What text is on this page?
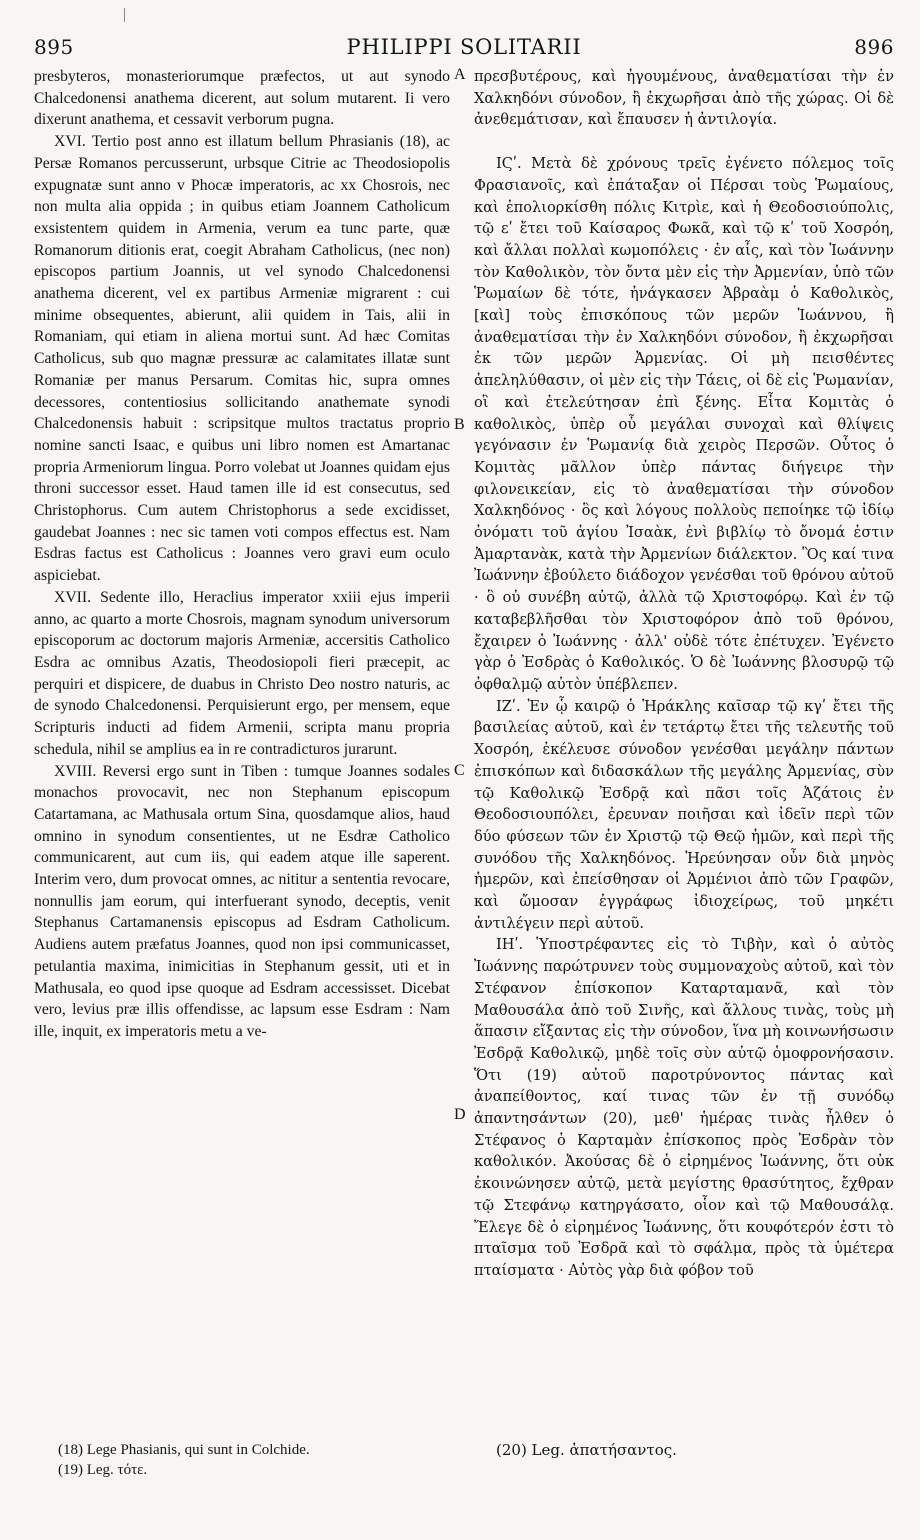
895	PHILIPPI SOLITARII	896

presbyteros, monasteriorumque præfectos, ut aut synodo Chalcedonensi anathema dicerent, aut solum mutarent. Ii vero dixerunt anathema, et cessavit verborum pugna.

XVI. Tertio post anno est illatum bellum Phrasianis (18), ac Persæ Romanos percusserunt, urbsque Citrie ac Theodosiopolis expugnatæ sunt anno v Phocæ imperatoris, ac xx Chosrois, nec non multa alia oppida ; in quibus etiam Joannem Catholicum exsistentem quidem in Armenia, verum ea tunc parte, quæ Romanorum ditionis erat, coegit Abraham Catholicus, (nec non) episcopos partium Joannis, ut vel synodo Chalcedonensi anathema dicerent, vel ex partibus Armeniæ migrarent : cui minime obsequentes, abierunt, alii quidem in Tais, alii in Romaniam, qui etiam in aliena mortui sunt. Ad hæc Comitas Catholicus, sub quo magnæ pressuræ ac calamitates illatæ sunt Romaniæ per manus Persarum. Comitas hic, supra omnes decessores, contentiosius sollicitando anathemate synodi Chalcedonensis habuit : scripsitque multos tractatus proprio nomine sancti Isaac, e quibus uni libro nomen est Amartanac propria Armeniorum lingua. Porro volebat ut Joannes quidam ejus throni successor esset. Haud tamen ille id est consecutus, sed Christophorus. Cum autem Christophorus a sede excidisset, gaudebat Joannes : nec sic tamen voti compos effectus est. Nam Esdras factus est Catholicus : Joannes vero gravi eum oculo aspiciebat.

XVII. Sedente illo, Heraclius imperator xxiii ejus imperii anno, ac quarto a morte Chosrois, magnam synodum universorum episcoporum ac doctorum majoris Armeniæ, accersitis Catholico Esdra ac omnibus Azatis, Theodosiopoli fieri præcepit, ac perquiri et dispicere, de duabus in Christo Deo nostro naturis, ac de synodo Chalcedonensi. Perquisierunt ergo, per mensem, eque Scripturis inducti ad fidem Armenii, scripta manu propria schedula, nihil se amplius ea in re contradicturos jurarunt.

XVIII. Reversi ergo sunt in Tiben : tumque Joannes sodales monachos provocavit, nec non Stephanum episcopum Catartamana, ac Mathusala ortum Sina, quosdamque alios, haud omnino in synodum consentientes, ut ne Esdræ Catholico communicarent, aut cum iis, qui eadem atque ille saperent. Interim vero, dum provocat omnes, ac nititur a sententia revocare, nonnullis jam eorum, qui interfuerant synodo, deceptis, venit Stephanus Cartamanensis episcopus ad Esdram Catholicum. Audiens autem præfatus Joannes, quod non ipsi communicasset, petulantia maxima, inimicitias in Stephanum gessit, uti et in Mathusala, eo quod ipse quoque ad Esdram accessisset. Dicebat vero, levius præ illis offendisse, ac lapsum esse Esdram : Nam ille, inquit, ex imperatoris metu a ve-

A
B
C
D

πρεσβυτέρους, καὶ ἡγουμένους, ἀναθεματίσαι τὴν ἐν Χαλκηδόνι σύνοδον, ἢ ἐκχωρῆσαι ἀπὸ τῆς χώρας. Οἱ δὲ ἀνεθεμάτισαν, καὶ ἔπαυσεν ἡ ἀντιλογία.

ΙϚʹ. Μετὰ δὲ χρόνους τρεῖς ἐγένετο πόλεμος τοῖς Φρασιανοῖς, καὶ ἐπάταξαν οἱ Πέρσαι τοὺς Ῥωμαίους, καὶ ἐπολιορκίσθη πόλις Κιτρὶε, καὶ ἡ Θεοδοσιούπολις, τῷ εʹ ἔτει τοῦ Καίσαρος Φωκᾶ, καὶ τῷ κʹ τοῦ Χοσρόη, καὶ ἄλλαι πολλαὶ κωμοπόλεις · ἐν αἷς, καὶ τὸν Ἰωάννην τὸν Καθολικὸν, τὸν ὄντα μὲν εἰς τὴν Ἀρμενίαν, ὑπὸ τῶν Ῥωμαίων δὲ τότε, ἠνάγκασεν Ἀβραὰμ ὁ Καθολικὸς, [καὶ] τοὺς ἐπισκόπους τῶν μερῶν Ἰωάννου, ἢ ἀναθεματίσαι τὴν ἐν Χαλκηδόνι σύνοδον, ἢ ἐκχωρῆσαι ἐκ τῶν μερῶν Ἀρμενίας. Οἱ μὴ πεισθέντες ἀπεληλύθασιν, οἱ μὲν εἰς τὴν Τάεις, οἱ δὲ εἰς Ῥωμανίαν, οἳ καὶ ἐτελεύτησαν ἐπὶ ξένης. Εἶτα Κομιτὰς ὁ καθολικὸς, ὑπὲρ οὗ μεγάλαι συνοχαὶ καὶ θλίψεις γεγόνασιν ἐν Ῥωμανίᾳ διὰ χειρὸς Περσῶν. Οὗτος ὁ Κομιτὰς μᾶλλον ὑπὲρ πάντας διήγειρε τὴν φιλονεικείαν, εἰς τὸ ἀναθεματίσαι τὴν σύνοδον Χαλκηδόνος · ὃς καὶ λόγους πολλοὺς πεποίηκε τῷ ἰδίῳ ὀνόματι τοῦ ἁγίου Ἰσαὰκ, ἐνὶ βιβλίῳ τὸ ὄνομά ἐστιν Ἀμαρτανὰκ, κατὰ τὴν Ἀρμενίων διάλεκτον. Ὃς καί τινα Ἰωάννην ἐβούλετο διάδοχον γενέσθαι τοῦ θρόνου αὐτοῦ · ὃ οὐ συνέβη αὐτῷ, ἀλλὰ τῷ Χριστοφόρῳ. Καὶ ἐν τῷ καταβεβλῆσθαι τὸν Χριστοφόρον ἀπὸ τοῦ θρόνου, ἔχαιρεν ὁ Ἰωάννης · ἀλλ' οὐδὲ τότε ἐπέτυχεν. Ἐγένετο γὰρ ὁ Ἐσδρὰς ὁ Καθολικός. Ὁ δὲ Ἰωάννης βλοσυρῷ τῷ ὀφθαλμῷ αὐτὸν ὑπέβλεπεν.

ΙΖʹ. Ἐν ᾧ καιρῷ ὁ Ἡράκλης καῖσαρ τῷ κγʹ ἔτει τῆς βασιλείας αὐτοῦ, καὶ ἐν τετάρτῳ ἔτει τῆς τελευτῆς τοῦ Χοσρόη, ἐκέλευσε σύνοδον γενέσθαι μεγάλην πάντων ἐπισκόπων καὶ διδασκάλων τῆς μεγάλης Ἀρμενίας, σὺν τῷ Καθολικῷ Ἐσδρᾷ καὶ πᾶσι τοῖς Ἀζάτοις ἐν Θεοδοσιουπόλει, ἐρευναν ποιῆσαι καὶ ἰδεῖν περὶ τῶν δύο φύσεων τῶν ἐν Χριστῷ τῷ Θεῷ ἡμῶν, καὶ περὶ τῆς συνόδου τῆς Χαλκηδόνος. Ἠρεύνησαν οὖν διὰ μηνὸς ἡμερῶν, καὶ ἐπείσθησαν οἱ Ἀρμένιοι ἀπὸ τῶν Γραφῶν, καὶ ὤμοσαν ἐγγράφως ἰδιοχείρως, τοῦ μηκέτι ἀντιλέγειν περὶ αὐτοῦ.

ΙΗʹ. Ὑποστρέφαντες εἰς τὸ Τιβὴν, καὶ ὁ αὐτὸς Ἰωάννης παρώτρυνεν τοὺς συμμοναχοὺς αὐτοῦ, καὶ τὸν Στέφανον ἐπίσκοπον Καταρταμανᾶ, καὶ τὸν Μαθουσάλα ἀπὸ τοῦ Σινῆς, καὶ ἄλλους τινὰς, τοὺς μὴ ἅπασιν εἴξαντας εἰς τὴν σύνοδον, ἵνα μὴ κοινωνήσωσιν Ἐσδρᾷ Καθολικῷ, μηδὲ τοῖς σὺν αὐτῷ ὁμοφρονήσασιν. Ὅτι (19) αὐτοῦ παροτρύνοντος πάντας καὶ ἀναπείθοντος, καί τινας τῶν ἐν τῇ συνόδῳ ἀπαντησάντων (20), μεθ' ἡμέρας τινὰς ἦλθεν ὁ Στέφανος ὁ Καρταμὰν ἐπίσκοπος πρὸς Ἐσδρὰν τὸν καθολικόν. Ἀκούσας δὲ ὁ εἰρημένος Ἰωάννης, ὅτι οὐκ ἐκοινώνησεν αὐτῷ, μετὰ μεγίστης θρασύτητος, ἔχθραν τῷ Στεφάνῳ κατηργάσατο, οἷον καὶ τῷ Μαθουσάλᾳ. Ἔλεγε δὲ ὁ εἰρημένος Ἰωάννης, ὅτι κουφότερόν ἐστι τὸ πταῖσμα τοῦ Ἐσδρᾶ καὶ τὸ σφάλμα, πρὸς τὰ ὑμέτερα πταίσματα · Αὐτὸς γὰρ διὰ φόβον τοῦ

(18) Lege Phasianis, qui sunt in Colchide.

(19) Leg. τότε.

(20) Leg. ἀπατήσαντος.
